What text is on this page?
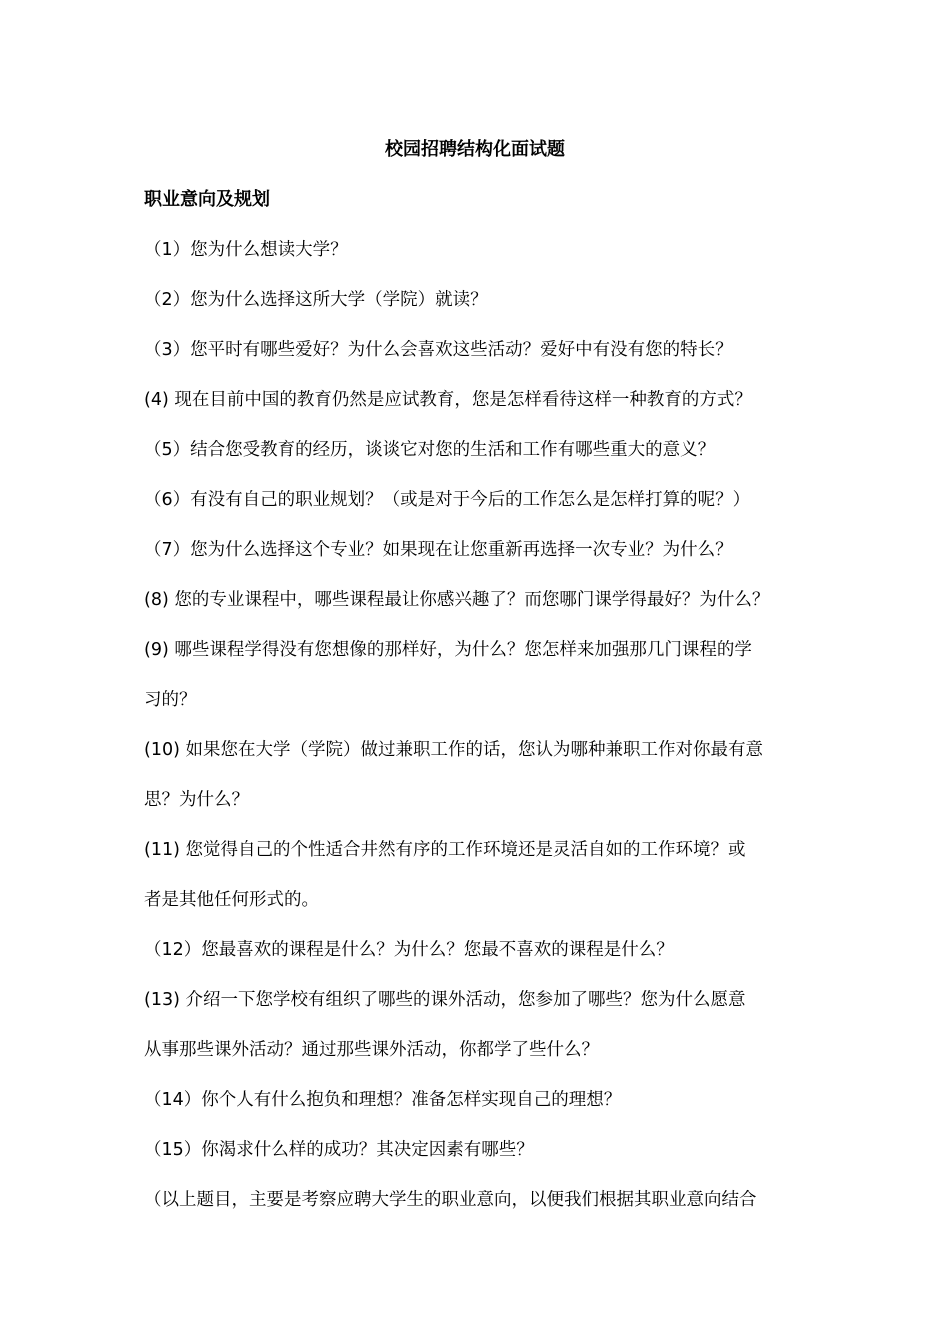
校园招聘结构化面试题
职业意向及规划
（1）您为什么想读大学？
（2）您为什么选择这所大学（学院）就读？
（3）您平时有哪些爱好？为什么会喜欢这些活动？爱好中有没有您的特长？
(4) 现在目前中国的教育仍然是应试教育，您是怎样看待这样一种教育的方式？
（5）结合您受教育的经历，谈谈它对您的生活和工作有哪些重大的意义？
（6）有没有自己的职业规划？（或是对于今后的工作怎么是怎样打算的呢？）
（7）您为什么选择这个专业？如果现在让您重新再选择一次专业？为什么？
(8) 您的专业课程中，哪些课程最让你感兴趣了？而您哪门课学得最好？为什么？
(9) 哪些课程学得没有您想像的那样好，为什么？您怎样来加强那几门课程的学
习的？
(10) 如果您在大学（学院）做过兼职工作的话，您认为哪种兼职工作对你最有意
思？为什么？
(11) 您觉得自己的个性适合井然有序的工作环境还是灵活自如的工作环境？或
者是其他任何形式的。
（12）您最喜欢的课程是什么？为什么？您最不喜欢的课程是什么？
(13) 介绍一下您学校有组织了哪些的课外活动，您参加了哪些？您为什么愿意
从事那些课外活动？通过那些课外活动，你都学了些什么？
（14）你个人有什么抱负和理想？准备怎样实现自己的理想？
（15）你渴求什么样的成功？其决定因素有哪些？
（以上题目，主要是考察应聘大学生的职业意向，以便我们根据其职业意向结合
